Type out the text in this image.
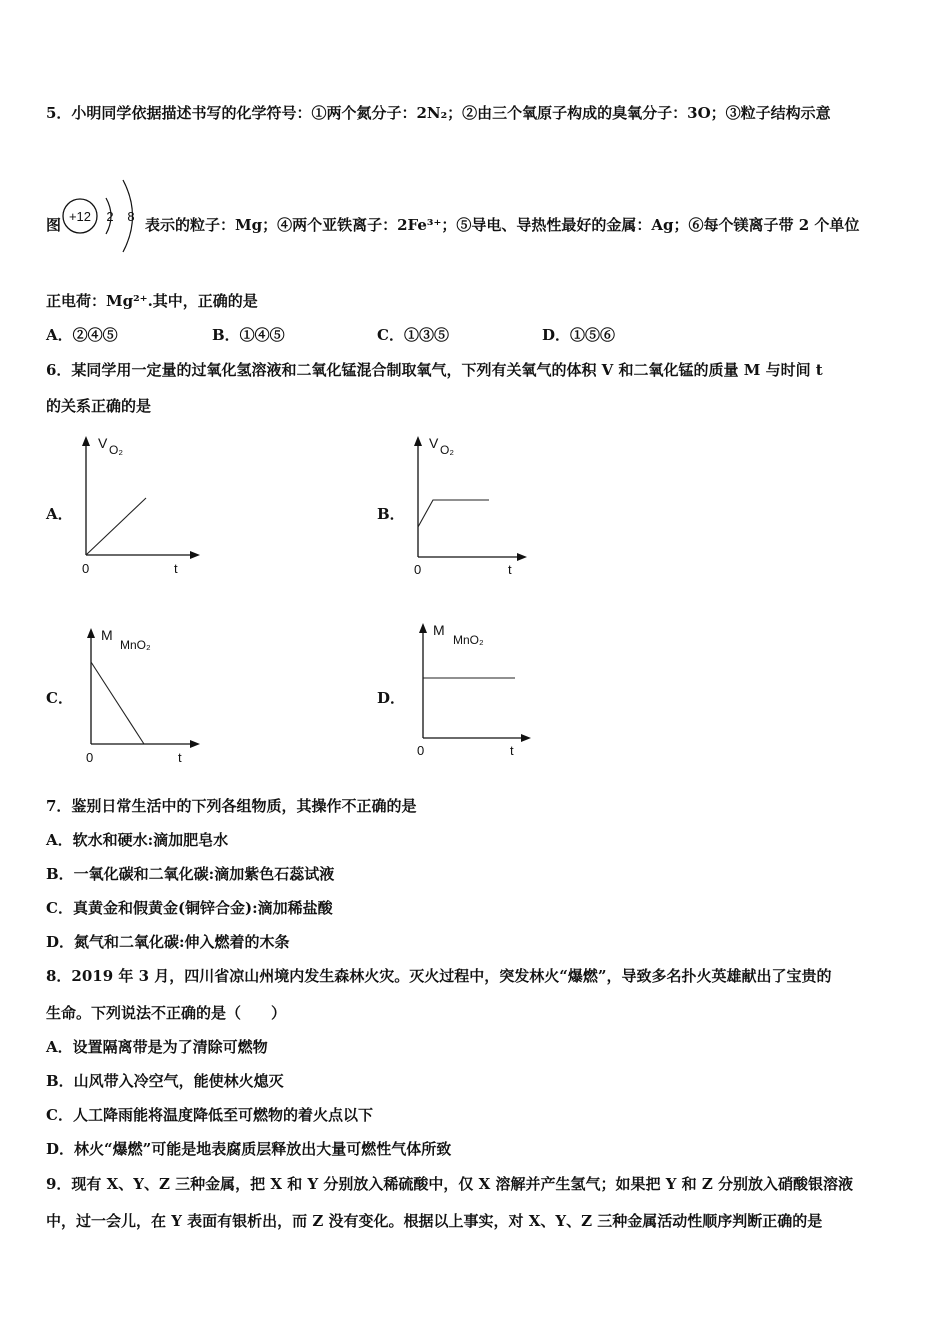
5．小明同学依据描述书写的化学符号：①两个氮分子：2N₂；②由三个氧原子构成的臭氧分子：3O；③粒子结构示意
图 +12 2 8 表示的粒子：Mg；④两个亚铁离子：2Fe³⁺；⑤导电、导热性最好的金属：Ag；⑥每个镁离子带 2 个单位
正电荷：Mg²⁺.其中，正确的是
A．②④⑤	B．①④⑤	C．①③⑤	D．①⑤⑥
6．某同学用一定量的过氧化氢溶液和二氧化锰混合制取氧气，下列有关氧气的体积 V 和二氧化锰的质量 M 与时间 t
的关系正确的是
A．
V O₂
0	t
B．
V O₂
0	t
C．
M
MnO₂
0	t
D．
M
MnO₂
0	t
7．鉴别日常生活中的下列各组物质，其操作不正确的是
A．软水和硬水:滴加肥皂水
B．一氧化碳和二氧化碳:滴加紫色石蕊试液
C．真黄金和假黄金(铜锌合金):滴加稀盐酸
D．氮气和二氧化碳:伸入燃着的木条
8．2019 年 3 月，四川省凉山州境内发生森林火灾。灭火过程中，突发林火“爆燃”，导致多名扑火英雄献出了宝贵的
生命。下列说法不正确的是（　　）
A．设置隔离带是为了清除可燃物
B．山风带入冷空气，能使林火熄灭
C．人工降雨能将温度降低至可燃物的着火点以下
D．林火“爆燃”可能是地表腐质层释放出大量可燃性气体所致
9．现有 X、Y、Z 三种金属，把 X 和 Y 分别放入稀硫酸中，仅 X 溶解并产生氢气；如果把 Y 和 Z 分别放入硝酸银溶液
中，过一会儿，在 Y 表面有银析出，而 Z 没有变化。根据以上事实，对 X、Y、Z 三种金属活动性顺序判断正确的是
